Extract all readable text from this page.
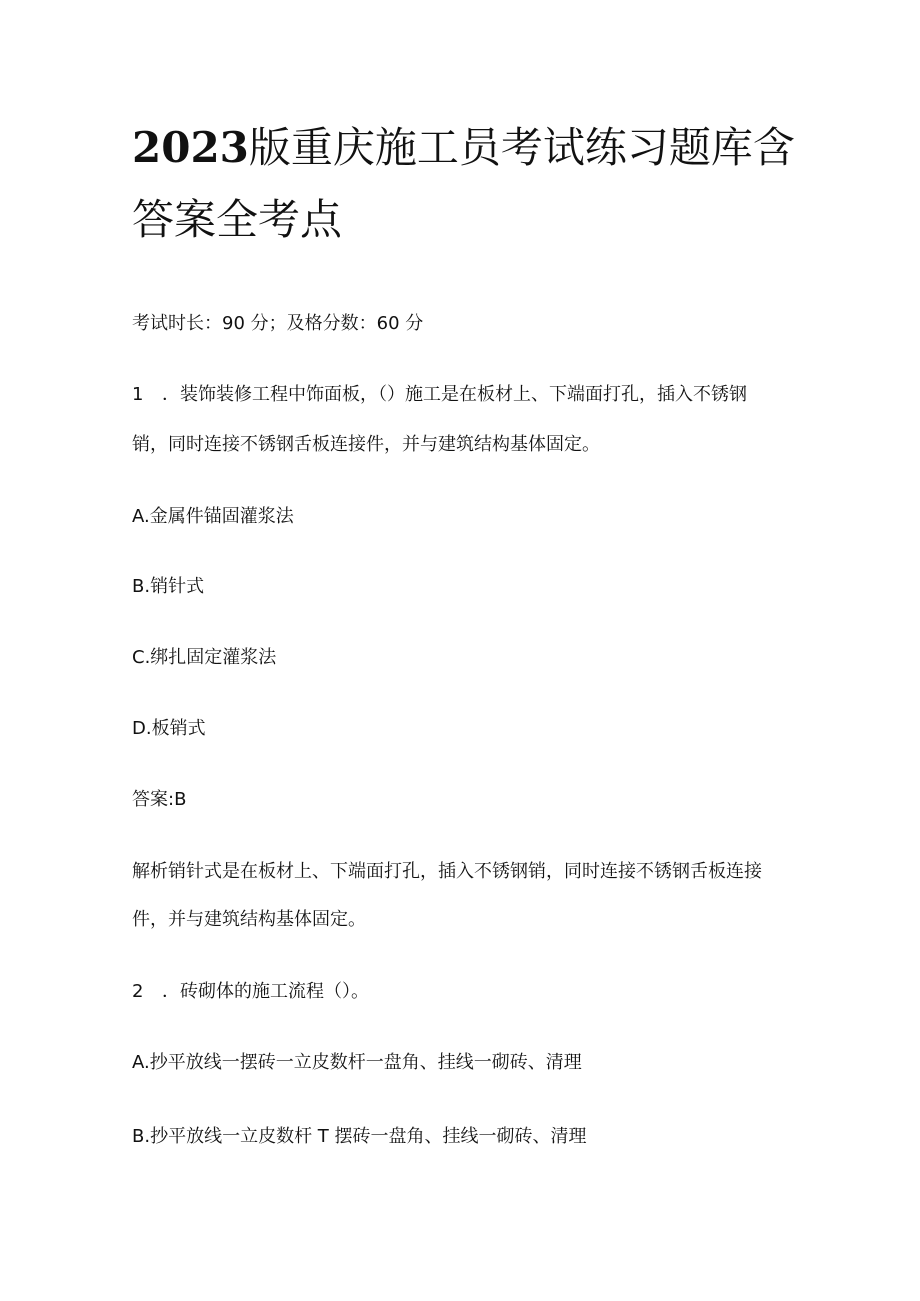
2023版重庆施工员考试练习题库含
答案全考点
考试时长：90 分；及格分数：60 分
1 ．装饰装修工程中饰面板，（）施工是在板材上、下端面打孔，插入不锈钢
销，同时连接不锈钢舌板连接件，并与建筑结构基体固定。
A.金属件锚固灌浆法
B.销针式
C.绑扎固定灌浆法
D.板销式
答案:B
解析销针式是在板材上、下端面打孔，插入不锈钢销，同时连接不锈钢舌板连接
件，并与建筑结构基体固定。
2 ．砖砌体的施工流程（）。
A.抄平放线一摆砖一立皮数杆一盘角、挂线一砌砖、清理
B.抄平放线一立皮数杆 T 摆砖一盘角、挂线一砌砖、清理
